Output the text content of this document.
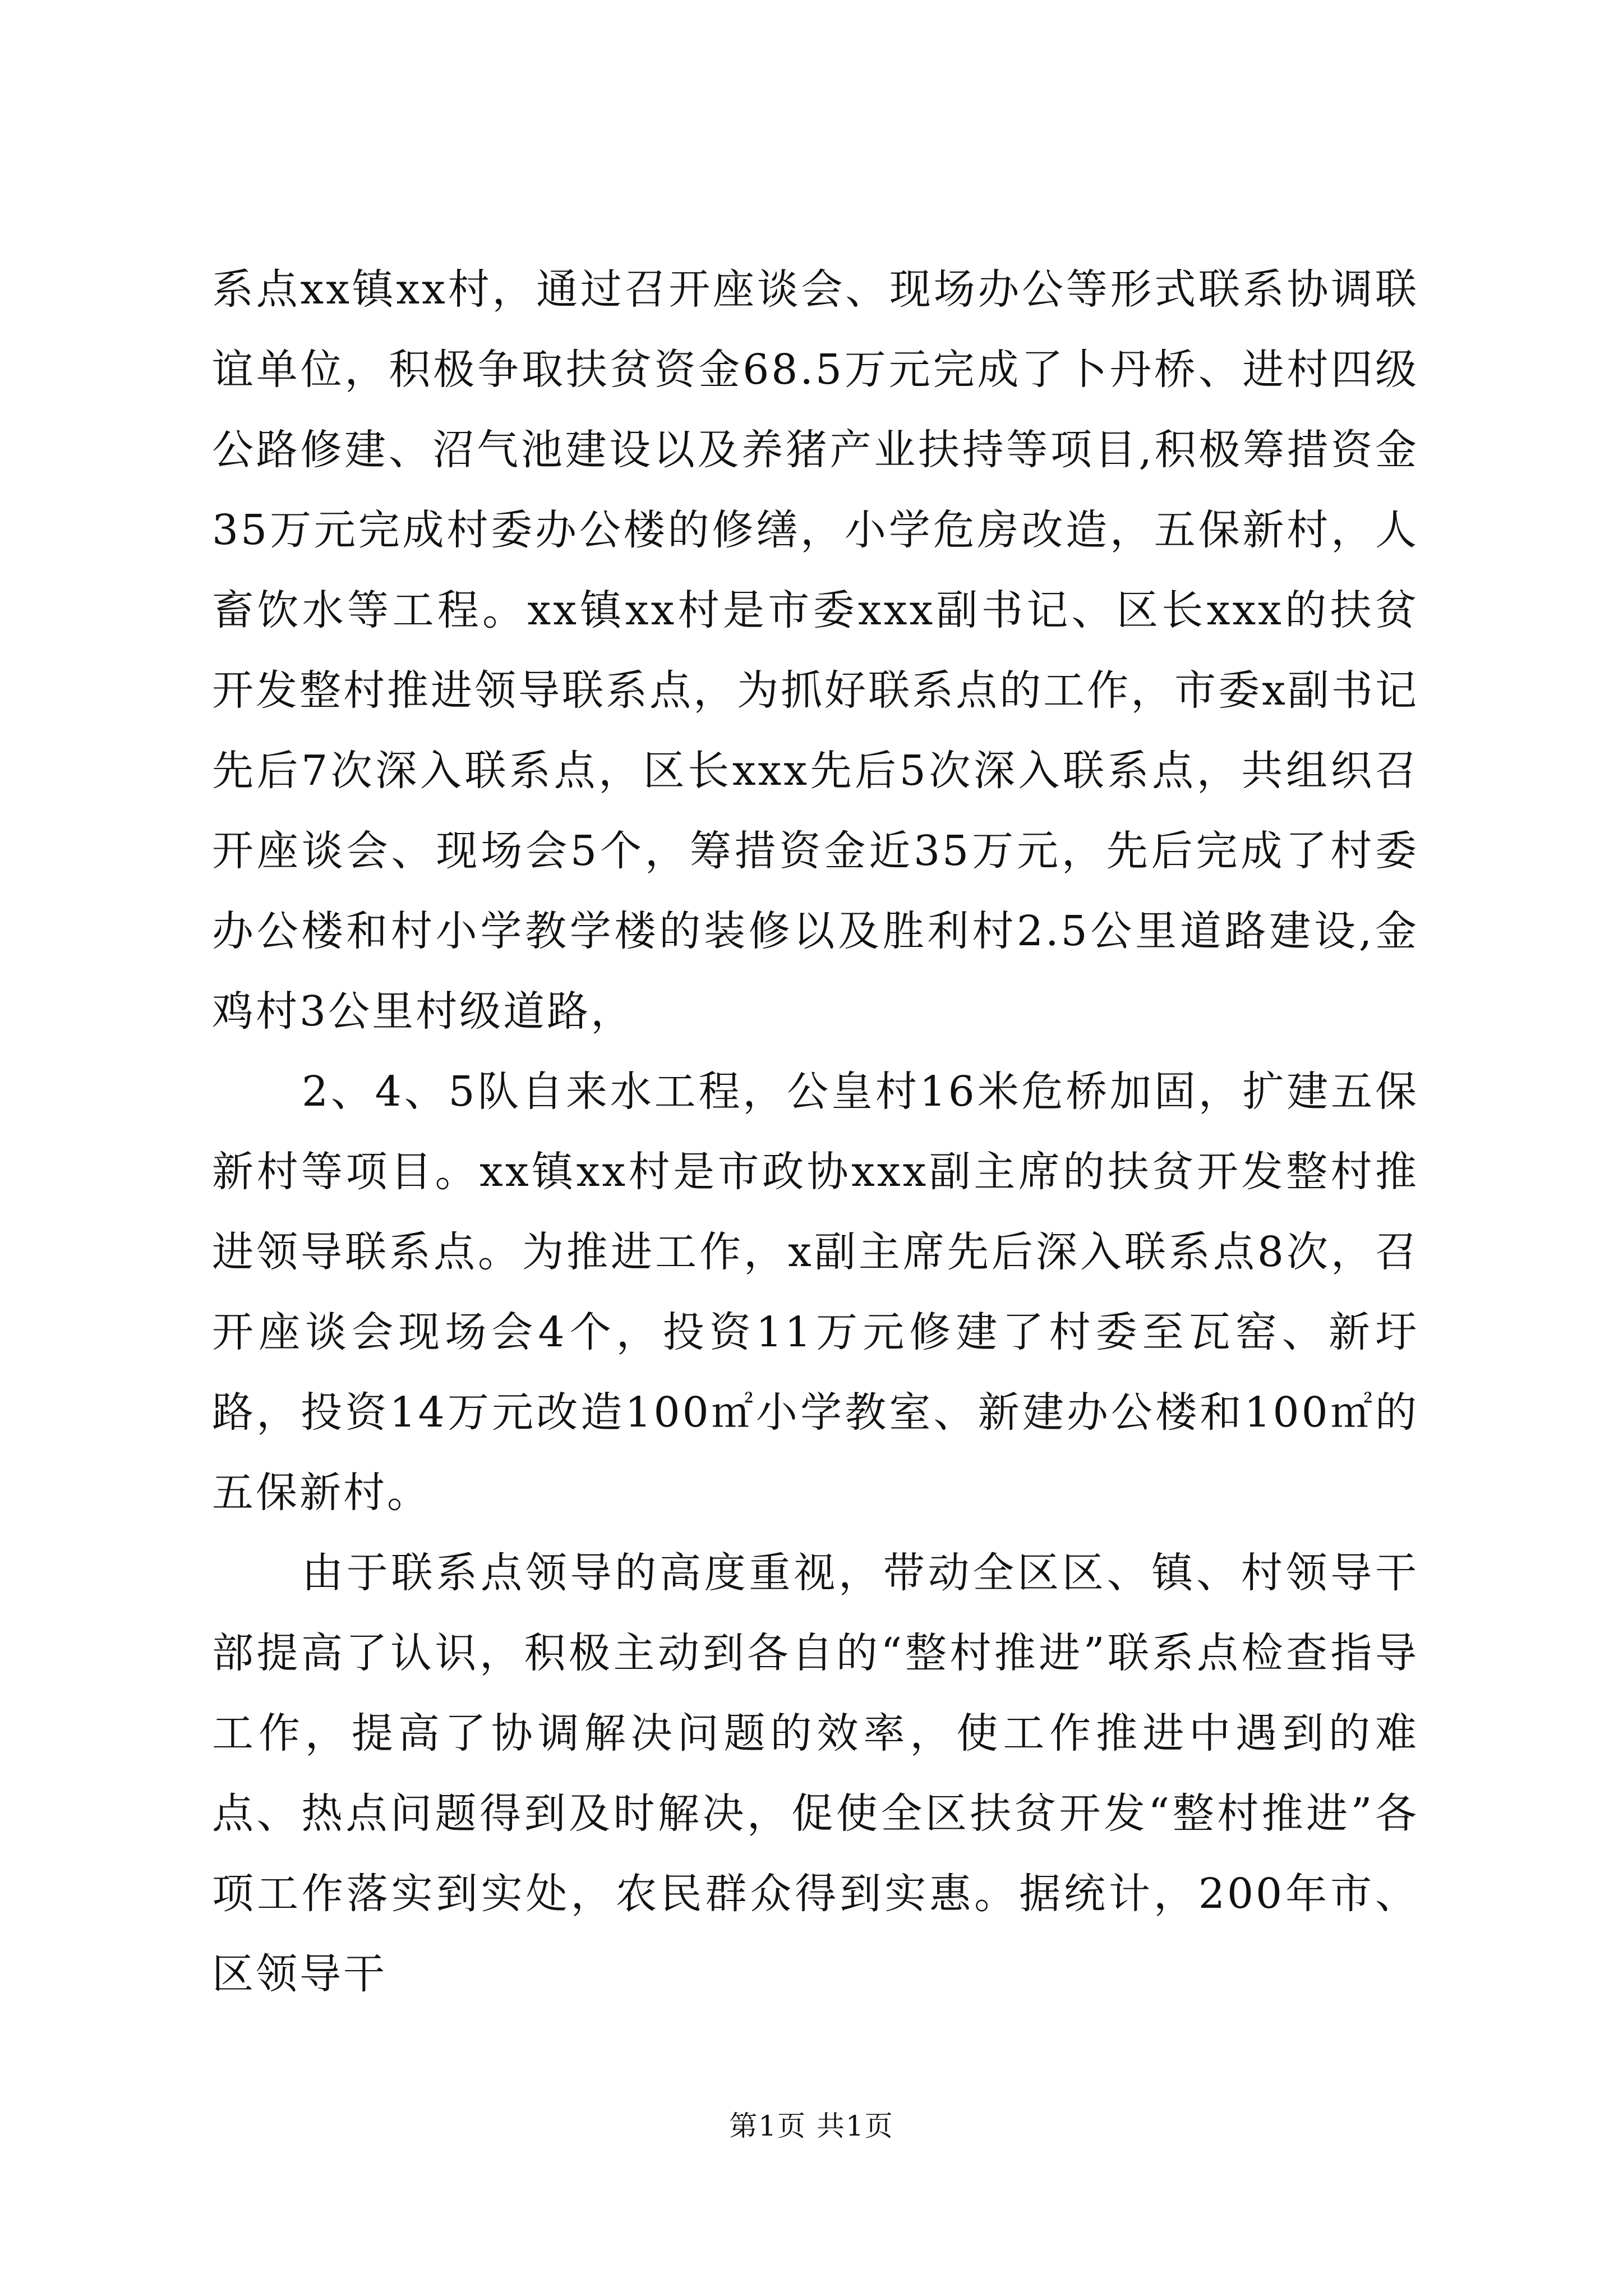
系点xx镇xx村，通过召开座谈会、现场办公等形式联系协调联谊单位，积极争取扶贫资金68.5万元完成了卜丹桥、进村四级公路修建、沼气池建设以及养猪产业扶持等项目,积极筹措资金35万元完成村委办公楼的修缮，小学危房改造，五保新村，人畜饮水等工程。xx镇xx村是市委xxx副书记、区长xxx的扶贫开发整村推进领导联系点，为抓好联系点的工作，市委x副书记先后7次深入联系点，区长xxx先后5次深入联系点，共组织召开座谈会、现场会5个，筹措资金近35万元，先后完成了村委办公楼和村小学教学楼的装修以及胜利村2.5公里道路建设,金鸡村3公里村级道路，

2、4、5队自来水工程，公皇村16米危桥加固，扩建五保新村等项目。xx镇xx村是市政协xxx副主席的扶贫开发整村推进领导联系点。为推进工作，x副主席先后深入联系点8次，召开座谈会现场会4个，投资11万元修建了村委至瓦窑、新圩路，投资14万元改造100㎡小学教室、新建办公楼和100㎡的五保新村。

由于联系点领导的高度重视，带动全区区、镇、村领导干部提高了认识，积极主动到各自的“整村推进”联系点检查指导工作，提高了协调解决问题的效率，使工作推进中遇到的难点、热点问题得到及时解决，促使全区扶贫开发“整村推进”各项工作落实到实处，农民群众得到实惠。据统计，200年市、区领导干

第1页 共1页
